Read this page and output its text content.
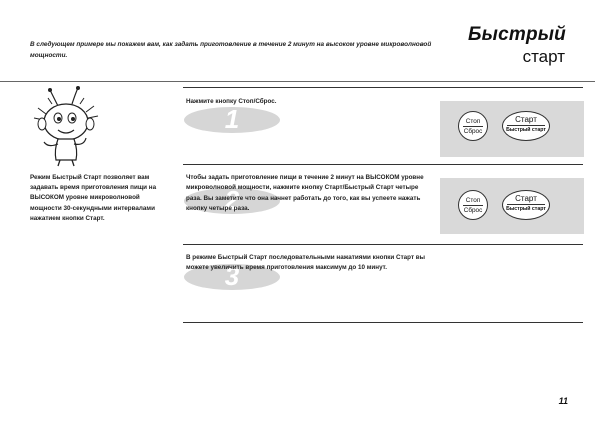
В следующем примере мы покажем вам, как задать приготовление в течение 2 минут на высоком уровне микроволновой мощности.
Быстрый
старт
Режим Быстрый Старт позволяет вам задавать время приготовления пищи на ВЫСОКОМ уровне микроволновой мощности 30-секундными интервалами нажатием кнопки Старт.
1
Нажмите кнопку Стоп/Сброс.
Стоп
Сброс
Старт
Быстрый старт
2
Чтобы задать приготовление пищи в течение 2 минут на ВЫСОКОМ уровне микроволновой мощности, нажмите кнопку Старт/Быстрый Старт четыре раза. Вы заметите что она начнет работать до того, как вы успеете нажать кнопку четыре раза.
Стоп
Сброс
Старт
Быстрый старт
3
В режиме Быстрый Старт последовательными нажатиями кнопки Старт вы можете увеличить время приготовления максимум до 10 минут.
11
